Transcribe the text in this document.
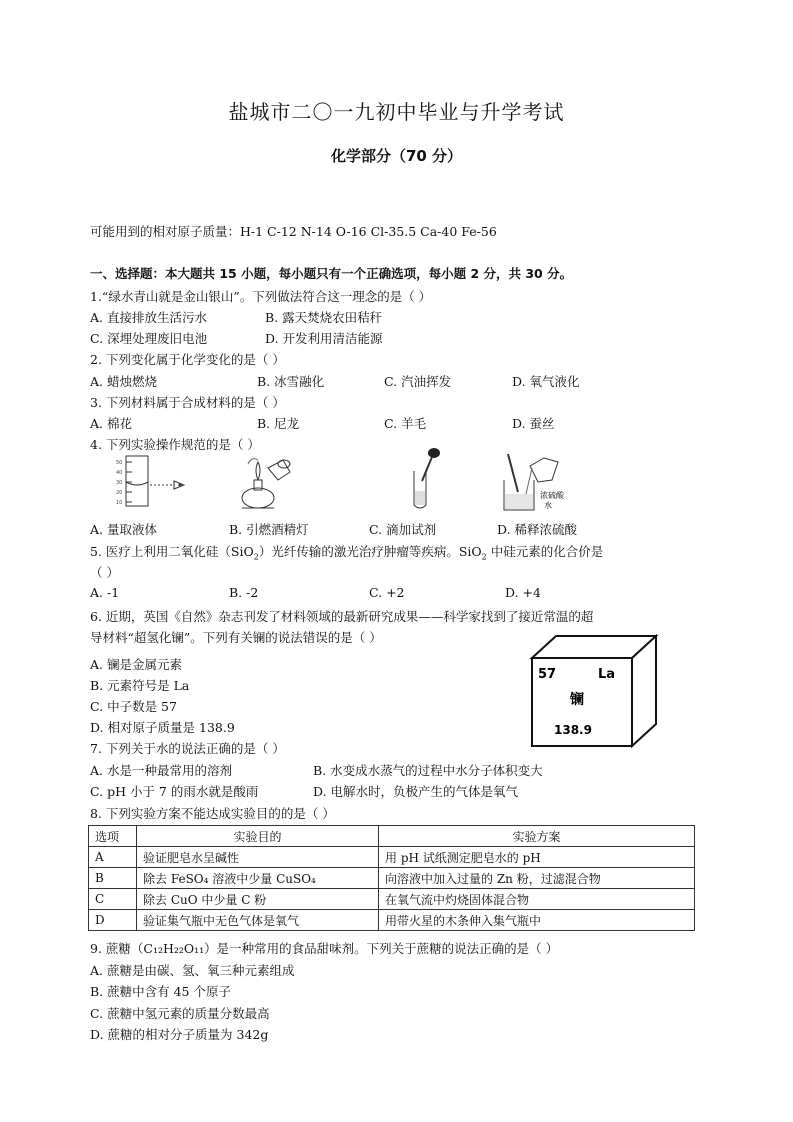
盐城市二〇一九初中毕业与升学考试
化学部分（70 分）
可能用到的相对原子质量：H-1 C-12 N-14 O-16 Cl-35.5 Ca-40 Fe-56
一、选择题：本大题共 15 小题，每小题只有一个正确选项，每小题 2 分，共 30 分。
1.“绿水青山就是金山银山”。下列做法符合这一理念的是（ ）
A. 直接排放生活污水	B. 露天焚烧农田秸秆
C. 深埋处理废旧电池	D. 开发利用清洁能源
2. 下列变化属于化学变化的是（ ）
A. 蜡烛燃烧	B. 冰雪融化	C. 汽油挥发	D. 氧气液化
3. 下列材料属于合成材料的是（ ）
A. 棉花	B. 尼龙	C. 羊毛	D. 蚕丝
4. 下列实验操作规范的是（ ）
50
40
30
20
10
浓硫酸
水
A. 量取液体	B. 引燃酒精灯	C. 滴加试剂	D. 稀释浓硫酸
5. 医疗上利用二氧化硅（SiO$_2$）光纤传输的激光治疗肿瘤等疾病。SiO$_2$ 中硅元素的化合价是
（ ）
A. -1	B. -2	C. +2	D. +4
6. 近期，英国《自然》杂志刊发了材料领域的最新研究成果——科学家找到了接近常温的超
导材料“超氢化镧”。下列有关镧的说法错误的是（ ）
A. 镧是金属元素
B. 元素符号是 La
C. 中子数是 57
D. 相对原子质量是 138.9
57	La
镧
138.9
7. 下列关于水的说法正确的是（ ）
A. 水是一种最常用的溶剂	B. 水变成水蒸气的过程中水分子体积变大
C. pH 小于 7 的雨水就是酸雨	D. 电解水时，负极产生的气体是氧气
8. 下列实验方案不能达成实验目的的是（ ）
选项	实验目的	实验方案
A	验证肥皂水呈碱性	用 pH 试纸测定肥皂水的 pH
B	除去 FeSO₄ 溶液中少量 CuSO₄	向溶液中加入过量的 Zn 粉，过滤混合物
C	除去 CuO 中少量 C 粉	在氧气流中灼烧固体混合物
D	验证集气瓶中无色气体是氧气	用带火星的木条伸入集气瓶中
9. 蔗糖（C₁₂H₂₂O₁₁）是一种常用的食品甜味剂。下列关于蔗糖的说法正确的是（ ）
A. 蔗糖是由碳、氢、氧三种元素组成
B. 蔗糖中含有 45 个原子
C. 蔗糖中氢元素的质量分数最高
D. 蔗糖的相对分子质量为 342g
